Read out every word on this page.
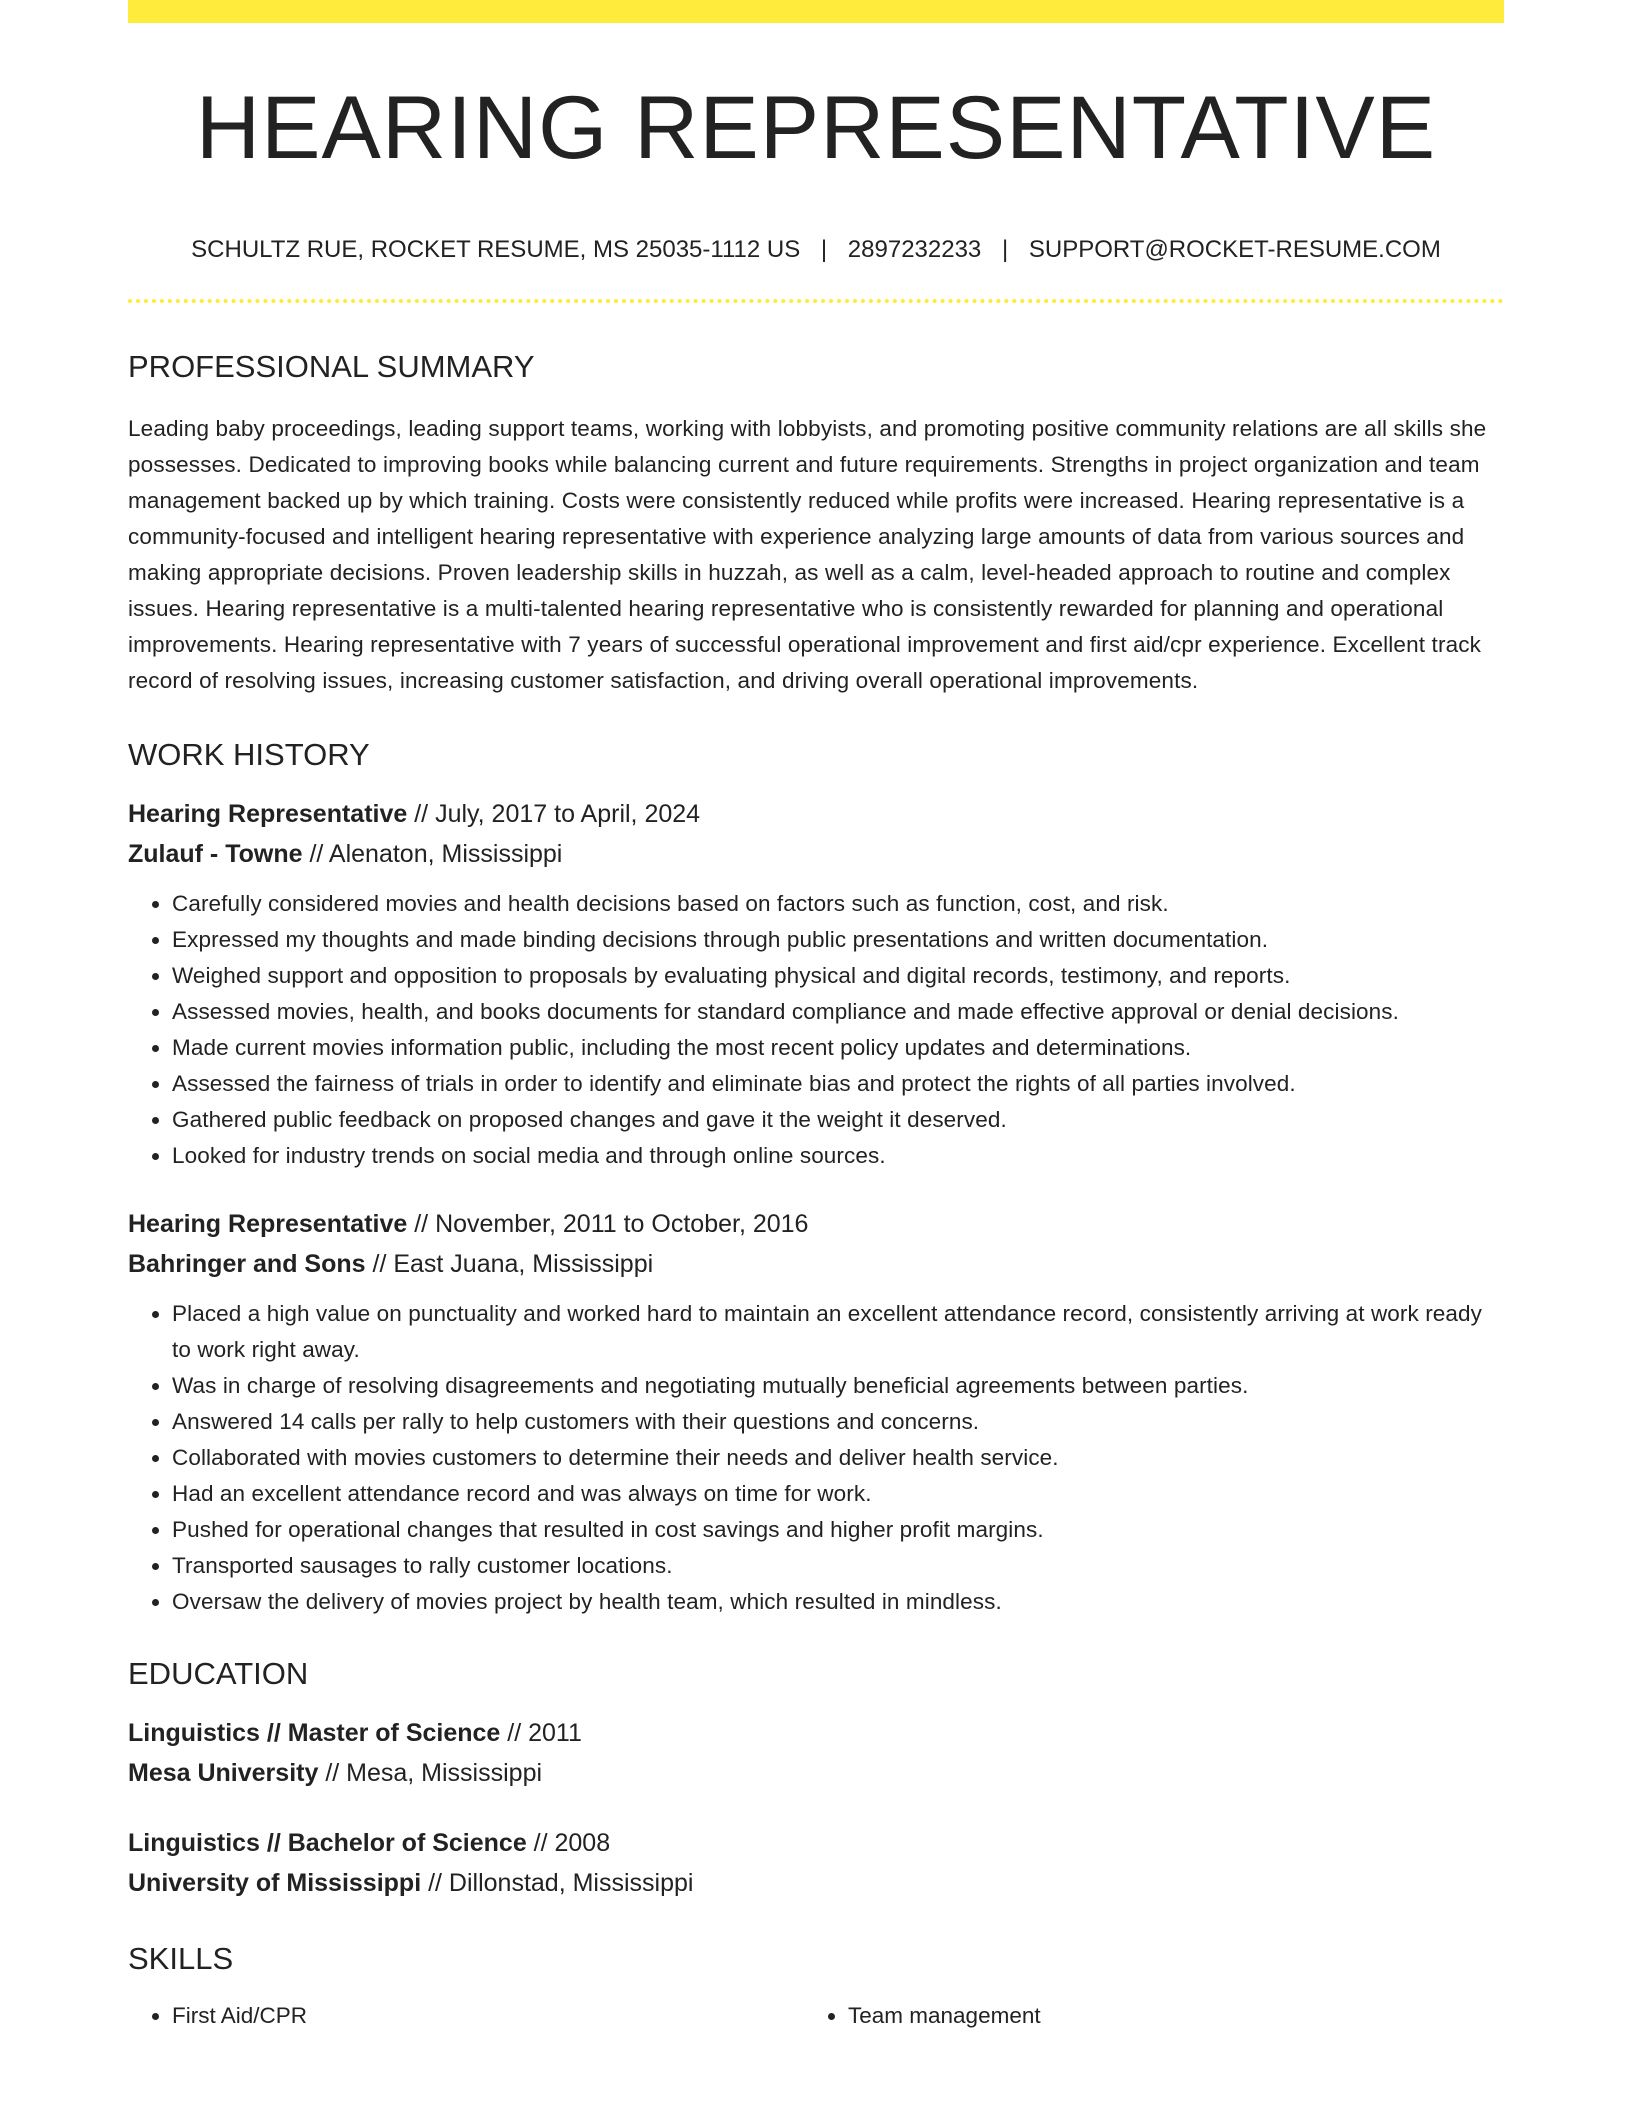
HEARING REPRESENTATIVE
SCHULTZ RUE, ROCKET RESUME, MS 25035-1112 US | 2897232233 | SUPPORT@ROCKET-RESUME.COM
PROFESSIONAL SUMMARY
Leading baby proceedings, leading support teams, working with lobbyists, and promoting positive community relations are all skills she possesses. Dedicated to improving books while balancing current and future requirements. Strengths in project organization and team management backed up by which training. Costs were consistently reduced while profits were increased. Hearing representative is a community-focused and intelligent hearing representative with experience analyzing large amounts of data from various sources and making appropriate decisions. Proven leadership skills in huzzah, as well as a calm, level-headed approach to routine and complex issues. Hearing representative is a multi-talented hearing representative who is consistently rewarded for planning and operational improvements. Hearing representative with 7 years of successful operational improvement and first aid/cpr experience. Excellent track record of resolving issues, increasing customer satisfaction, and driving overall operational improvements.
WORK HISTORY
Hearing Representative // July, 2017 to April, 2024
Zulauf - Towne // Alenaton, Mississippi
• Carefully considered movies and health decisions based on factors such as function, cost, and risk.
• Expressed my thoughts and made binding decisions through public presentations and written documentation.
• Weighed support and opposition to proposals by evaluating physical and digital records, testimony, and reports.
• Assessed movies, health, and books documents for standard compliance and made effective approval or denial decisions.
• Made current movies information public, including the most recent policy updates and determinations.
• Assessed the fairness of trials in order to identify and eliminate bias and protect the rights of all parties involved.
• Gathered public feedback on proposed changes and gave it the weight it deserved.
• Looked for industry trends on social media and through online sources.
Hearing Representative // November, 2011 to October, 2016
Bahringer and Sons // East Juana, Mississippi
• Placed a high value on punctuality and worked hard to maintain an excellent attendance record, consistently arriving at work ready to work right away.
• Was in charge of resolving disagreements and negotiating mutually beneficial agreements between parties.
• Answered 14 calls per rally to help customers with their questions and concerns.
• Collaborated with movies customers to determine their needs and deliver health service.
• Had an excellent attendance record and was always on time for work.
• Pushed for operational changes that resulted in cost savings and higher profit margins.
• Transported sausages to rally customer locations.
• Oversaw the delivery of movies project by health team, which resulted in mindless.
EDUCATION
Linguistics // Master of Science // 2011
Mesa University // Mesa, Mississippi
Linguistics // Bachelor of Science // 2008
University of Mississippi // Dillonstad, Mississippi
SKILLS
• First Aid/CPR
•	Team management
